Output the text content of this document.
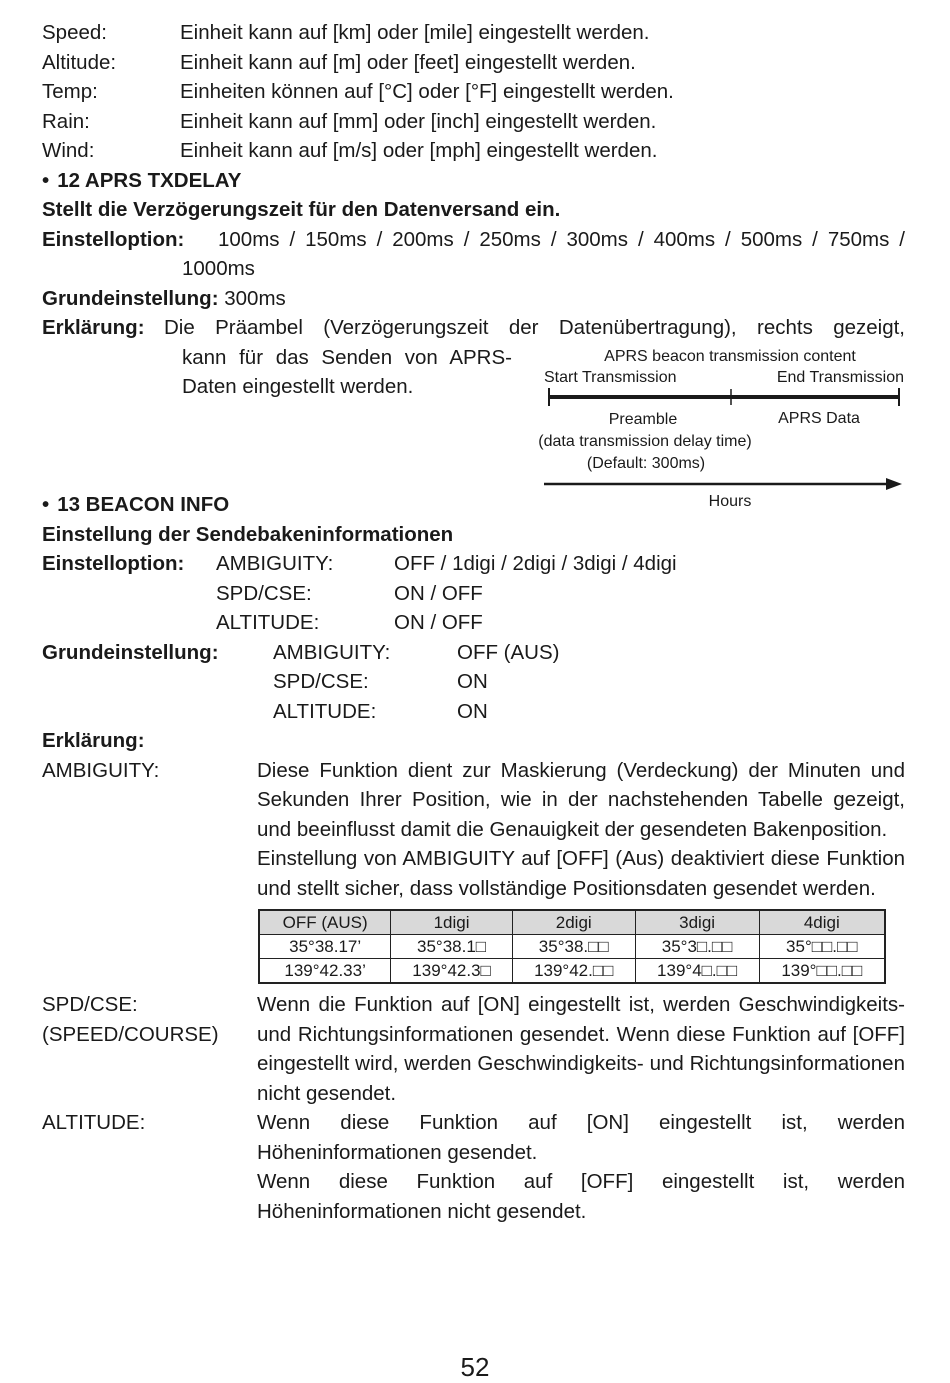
Speed:	Einheit kann auf [km] oder [mile] eingestellt werden.
Altitude:	Einheit kann auf [m] oder [feet] eingestellt werden.
Temp:	Einheiten können auf [°C] oder [°F] eingestellt werden.
Rain:	Einheit kann auf [mm] oder [inch] eingestellt werden.
Wind:	Einheit kann auf [m/s] oder [mph] eingestellt werden.
• 12 APRS TXDELAY
Stellt die Verzögerungszeit für den Datenversand ein.
Einstelloption:	100ms / 150ms / 200ms / 250ms / 300ms / 400ms / 500ms / 750ms /
1000ms
Grundeinstellung: 300ms
Erklärung: Die Präambel (Verzögerungszeit der Datenübertragung), rechts gezeigt,
kann für das Senden von APRS-
Daten eingestellt werden.
• 13 BEACON INFO
Einstellung der Sendebakeninformationen
Einstelloption:	AMBIGUITY:	OFF / 1digi / 2digi / 3digi / 4digi
SPD/CSE:	ON / OFF
ALTITUDE:	ON / OFF
Grundeinstellung:	AMBIGUITY:	OFF (AUS)
SPD/CSE:	ON
ALTITUDE:	ON
Erklärung:
AMBIGUITY:	Diese Funktion dient zur Maskierung (Verdeckung) der Minuten und Sekunden Ihrer Position, wie in der nachstehenden Tabelle gezeigt, und beeinflusst damit die Genauigkeit der gesendeten Bakenposition.
Einstellung von AMBIGUITY auf [OFF] (Aus) deaktiviert diese Funktion und stellt sicher, dass vollständige Positionsdaten gesendet werden.
OFF (AUS)	1digi	2digi	3digi	4digi
35°38.17’	35°38.1□	35°38.□□	35°3□.□□	35°□□.□□
139°42.33’	139°42.3□	139°42.□□	139°4□.□□	139°□□.□□
SPD/CSE:
(SPEED/COURSE)
Wenn die Funktion auf [ON] eingestellt ist, werden Geschwindigkeits- und Richtungsinformationen gesendet. Wenn diese Funktion auf [OFF] eingestellt wird, werden Geschwindigkeits- und Richtungsinformationen nicht gesendet.
ALTITUDE:	Wenn diese Funktion auf [ON] eingestellt ist, werden Höheninformationen gesendet.
Wenn diese Funktion auf [OFF] eingestellt ist, werden Höheninformationen nicht gesendet.
APRS beacon transmission content
Start Transmission	End Transmission
Preamble	APRS Data
(data transmission delay time)
(Default: 300ms)
Hours
52
